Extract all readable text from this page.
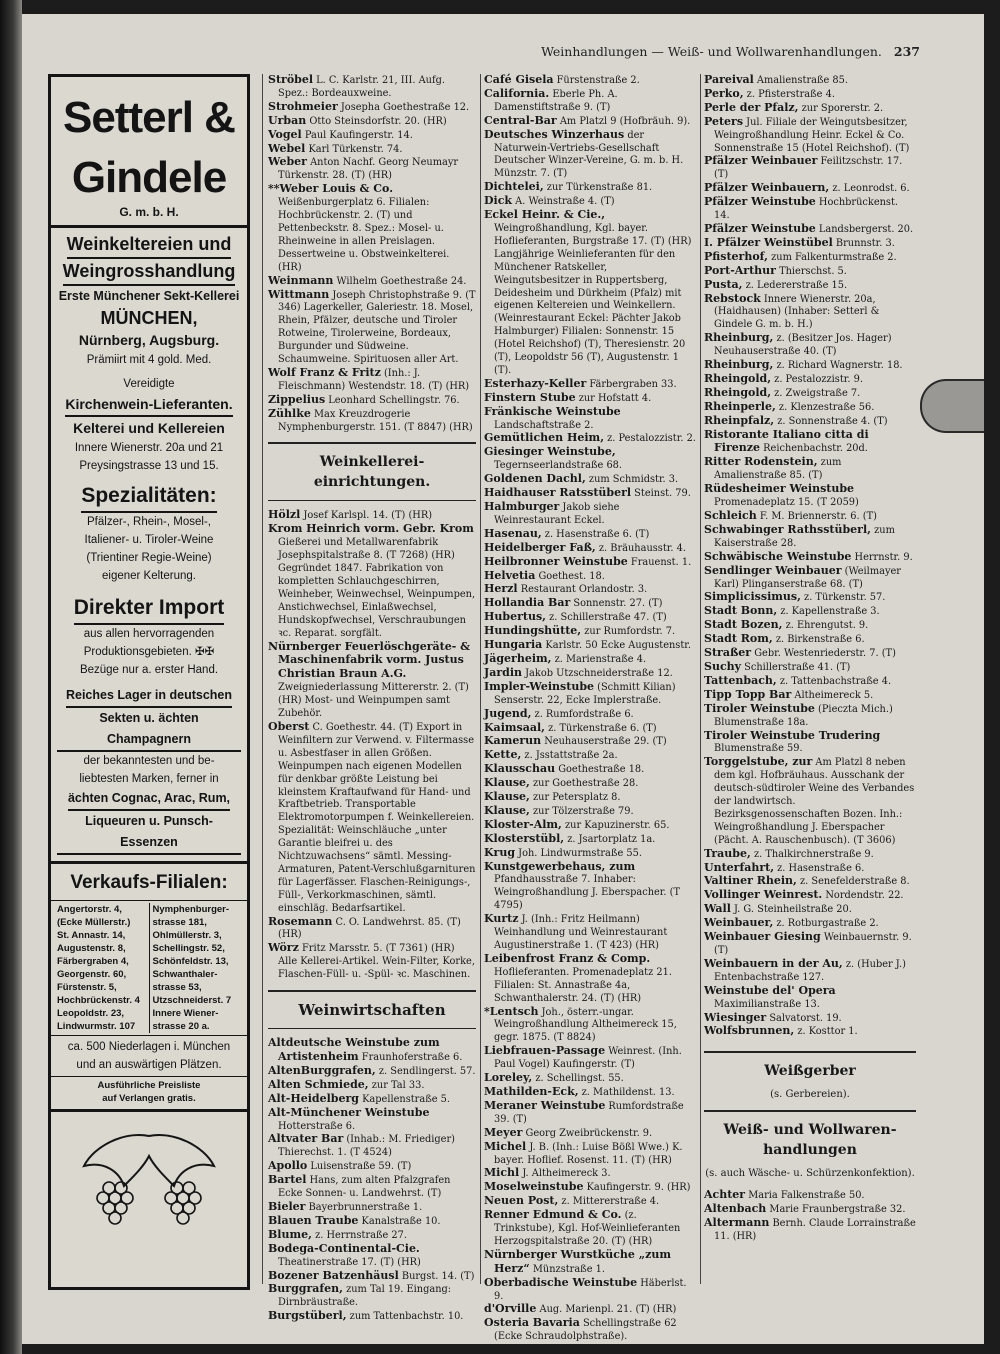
Weinhandlungen — Weiß- und Wollwarenhandlungen. 237
Setterl &
Gindele
G. m. b. H.
Weinkeltereien und Weingrosshandlung
Erste Münchener Sekt-Kellerei
MÜNCHEN,
Nürnberg, Augsburg.
Prämiirt mit 4 gold. Med.
Vereidigte
Kirchenwein-Lieferanten.
Kelterei und Kellereien
Innere Wienerstr. 20a und 21
Preysingstrasse 13 und 15.
Spezialitäten:
Pfälzer-, Rhein-, Mosel-,
Italiener- u. Tiroler-Weine
(Trientiner Regie-Weine)
eigener Kelterung.
Direkter Import
aus allen hervorragenden
Produktionsgebieten. ✠✠
Bezüge nur a. erster Hand.
Reiches Lager in deutschen Sekten u. ächten Champagnern
der bekanntesten und be-
liebtesten Marken, ferner in
ächten Cognac, Arac, Rum, Liqueuren u. Punsch-Essenzen
Verkaufs-Filialen:
Angertorstr. 4,
(Ecke Müllerstr.)
St. Annastr. 14,
Augustenstr. 8,
Färbergraben 4,
Georgenstr. 60,
Fürstenstr. 5,
Hochbrückenstr. 4
Leopoldstr. 23,
Lindwurmstr. 107
Nymphenburger-
strasse 181,
Ohlmüllerstr. 3,
Schellingstr. 52,
Schönfeldstr. 13,
Schwanthaler-
strasse 53,
Utzschneiderst. 7
Innere Wiener-
strasse 20 a.
ca. 500 Niederlagen i. München
und an auswärtigen Plätzen.
Ausführliche Preisliste
auf Verlangen gratis.

Ströbel L. C. Karlstr. 21, III. Aufg. Spez.: Bordeauxweine.

Strohmeier Josepha Goethestraße 12.

Urban Otto Steinsdorfstr. 20. (HR)

Vogel Paul Kaufingerstr. 14.

Webel Karl Türkenstr. 74.

Weber Anton Nachf. Georg Neumayr Türkenstr. 28. (T) (HR)

**Weber Louis & Co. Weißenburgerplatz 6. Filialen: Hochbrückenstr. 2. (T) und Pettenbeckstr. 8. Spez.: Mosel- u. Rheinweine in allen Preislagen. Dessertweine u. Obstweinkelterei. (HR)

Weinmann Wilhelm Goethestraße 24.

Wittmann Joseph Christophstraße 9. (T 346) Lagerkeller, Galeriestr. 18. Mosel, Rhein, Pfälzer, deutsche und Tiroler Rotweine, Tirolerweine, Bordeaux, Burgunder und Südweine. Schaumweine. Spirituosen aller Art.

Wolf Franz & Fritz (Inh.: J. Fleischmann) Westendstr. 18. (T) (HR)

Zippelius Leonhard Schellingstr. 76.

Zühlke Max Kreuzdrogerie Nymphenburgerstr. 151. (T 8847) (HR)

Weinkellerei-
einrichtungen.

Hölzl Josef Karlspl. 14. (T) (HR)

Krom Heinrich vorm. Gebr. Krom Gießerei und Metallwarenfabrik Josephspitalstraße 8. (T 7268) (HR) Gegründet 1847. Fabrikation von kompletten Schlauchgeschirren, Weinheber, Weinwechsel, Weinpumpen, Anstichwechsel, Einlaßwechsel, Hundskopfwechsel, Verschraubungen ꝛc. Reparat. sorgfält.

Nürnberger Feuerlöschgeräte- & Maschinenfabrik vorm. Justus Christian Braun A.G. Zweigniederlassung Mittererstr. 2. (T) (HR) Most- und Weinpumpen samt Zubehör.

Oberst C. Goethestr. 44. (T) Export in Weinfiltern zur Verwend. v. Filtermasse u. Asbestfaser in allen Größen. Weinpumpen nach eigenen Modellen für denkbar größte Leistung bei kleinstem Kraftaufwand für Hand- und Kraftbetrieb. Transportable Elektromotorpumpen f. Weinkellereien. Spezialität: Weinschläuche „unter Garantie bleifrei u. des Nichtzuwachsens“ sämtl. Messing-Armaturen, Patent-Verschlußgarnituren für Lagerfässer. Flaschen-Reinigungs-, Füll-, Verkorkmaschinen, sämtl. einschläg. Bedarfsartikel.

Rosemann C. O. Landwehrst. 85. (T) (HR)

Wörz Fritz Marsstr. 5. (T 7361) (HR) Alle Kellerei-Artikel. Wein-Filter, Korke, Flaschen-Füll- u. -Spül- ꝛc. Maschinen.

Weinwirtschaften

Altdeutsche Weinstube zum Artistenheim Fraunhoferstraße 6.

AltenBurggrafen, z. Sendlingerst. 57.

Alten Schmiede, zur Tal 33.

Alt-Heidelberg Kapellenstraße 5.

Alt-Münchener Weinstube Hotterstraße 6.

Altvater Bar (Inhab.: M. Friediger) Thierechst. 1. (T 4524)

Apollo Luisenstraße 59. (T)

Bartel Hans, zum alten Pfalzgrafen Ecke Sonnen- u. Landwehrst. (T)

Bieler Bayerbrunnerstraße 1.

Blauen Traube Kanalstraße 10.

Blume, z. Herrnstraße 27.

Bodega-Continental-Cie. Theatinerstraße 17. (T) (HR)

Bozener Batzenhäusl Burgst. 14. (T)

Burggrafen, zum Tal 19. Eingang: Dirnbräustraße.

Burgstüberl, zum Tattenbachstr. 10.

Café Gisela Fürstenstraße 2.

California. Eberle Ph. A. Damenstiftstraße 9. (T)

Central-Bar Am Platzl 9 (Hofbräuh. 9).

Deutsches Winzerhaus der Naturwein-Vertriebs-Gesellschaft Deutscher Winzer-Vereine, G. m. b. H. Münzstr. 7. (T)

Dichtelei, zur Türkenstraße 81.

Dick A. Weinstraße 4. (T)

Eckel Heinr. & Cie., Weingroßhandlung, Kgl. bayer. Hoflieferanten, Burgstraße 17. (T) (HR) Langjährige Weinlieferanten für den Münchener Ratskeller, Weingutsbesitzer in Ruppertsberg, Deidesheim und Dürkheim (Pfalz) mit eigenen Keltereien und Weinkellern. (Weinrestaurant Eckel: Pächter Jakob Halmburger) Filialen: Sonnenstr. 15 (Hotel Reichshof) (T), Theresienstr. 20 (T), Leopoldstr 56 (T), Augustenstr. 1 (T).

Esterhazy-Keller Färbergraben 33.

Finstern Stube zur Hofstatt 4.

Fränkische Weinstube Landschaftstraße 2.

Gemütlichen Heim, z. Pestalozzistr. 2.

Giesinger Weinstube, Tegernseerlandstraße 68.

Goldenen Dachl, zum Schmidstr. 3.

Haidhauser Ratsstüberl Steinst. 79.

Halmburger Jakob siehe Weinrestaurant Eckel.

Hasenau, z. Hasenstraße 6. (T)

Heidelberger Faß, z. Bräuhausstr. 4.

Heilbronner Weinstube Frauenst. 1.

Helvetia Goethest. 18.

Herzl Restaurant Orlandostr. 3.

Hollandia Bar Sonnenstr. 27. (T)

Hubertus, z. Schillerstraße 47. (T)

Hundingshütte, zur Rumfordstr. 7.

Hungaria Karlstr. 50 Ecke Augustenstr.

Jägerheim, z. Marienstraße 4.

Jardin Jakob Utzschneiderstraße 12.

Impler-Weinstube (Schmitt Kilian) Senserstr. 22, Ecke Implerstraße.

Jugend, z. Rumfordstraße 6.

Kaimsaal, z. Türkenstraße 6. (T)

Kamerun Neuhauserstraße 29. (T)

Kette, z. Jsstattstraße 2a.

Klausschau Goethestraße 18.

Klause, zur Goethestraße 28.

Klause, zur Petersplatz 8.

Klause, zur Tölzerstraße 79.

Kloster-Alm, zur Kapuzinerstr. 65.

Klosterstübl, z. Jsartorplatz 1a.

Krug Joh. Lindwurmstraße 55.

Kunstgewerbehaus, zum Pfandhausstraße 7. Inhaber: Weingroßhandlung J. Eberspacher. (T 4795)

Kurtz J. (Inh.: Fritz Heilmann) Weinhandlung und Weinrestaurant Augustinerstraße 1. (T 423) (HR)

Leibenfrost Franz & Comp. Hoflieferanten. Promenadeplatz 21. Filialen: St. Annastraße 4a, Schwanthalerstr. 24. (T) (HR)

*Lentsch Joh., österr.-ungar. Weingroßhandlung Altheimereck 15, gegr. 1875. (T 8824)

Liebfrauen-Passage Weinrest. (Inh. Paul Vogel) Kaufingerstr. (T)

Loreley, z. Schellingst. 55.

Mathilden-Eck, z. Mathildenst. 13.

Meraner Weinstube Rumfordstraße 39. (T)

Meyer Georg Zweibrückenstr. 9.

Michel J. B. (Inh.: Luise Bößl Wwe.) K. bayer. Hoflief. Rosenst. 11. (T) (HR)

Michl J. Altheimereck 3.

Moselweinstube Kaufingerstr. 9. (HR)

Neuen Post, z. Mittererstraße 4.

Renner Edmund & Co. (z. Trinkstube), Kgl. Hof-Weinlieferanten Herzogspitalstraße 20. (T) (HR)

Nürnberger Wurstküche „zum Herz“ Münzstraße 1.

Oberbadische Weinstube Häberlst. 9.

d'Orville Aug. Marienpl. 21. (T) (HR)

Osteria Bavaria Schellingstraße 62 (Ecke Schraudolphstraße).

Pareival Amalienstraße 85.

Perko, z. Pfisterstraße 4.

Perle der Pfalz, zur Sporerstr. 2.

Peters Jul. Filiale der Weingutsbesitzer, Weingroßhandlung Heinr. Eckel & Co. Sonnenstraße 15 (Hotel Reichshof). (T)

Pfälzer Weinbauer Feilitzschstr. 17. (T)

Pfälzer Weinbauern, z. Leonrodst. 6.

Pfälzer Weinstube Hochbrückenst. 14.

Pfälzer Weinstube Landsbergerst. 20.

I. Pfälzer Weinstübel Brunnstr. 3.

Pfisterhof, zum Falkenturmstraße 2.

Port-Arthur Thierschst. 5.

Pusta, z. Ledererstraße 15.

Rebstock Innere Wienerstr. 20a, (Haidhausen) (Inhaber: Setterl & Gindele G. m. b. H.)

Rheinburg, z. (Besitzer Jos. Hager) Neuhauserstraße 40. (T)

Rheinburg, z. Richard Wagnerstr. 18.

Rheingold, z. Pestalozzistr. 9.

Rheingold, z. Zweigstraße 7.

Rheinperle, z. Klenzestraße 56.

Rheinpfalz, z. Sonnenstraße 4. (T)

Ristorante Italiano citta di Firenze Reichenbachstr. 20d.

Ritter Rodenstein, zum Amalienstraße 85. (T)

Rüdesheimer Weinstube Promenadeplatz 15. (T 2059)

Schleich F. M. Briennerstr. 6. (T)

Schwabinger Rathsstüberl, zum Kaiserstraße 28.

Schwäbische Weinstube Herrnstr. 9.

Sendlinger Weinbauer (Weilmayer Karl) Plinganserstraße 68. (T)

Simplicissimus, z. Türkenstr. 57.

Stadt Bonn, z. Kapellenstraße 3.

Stadt Bozen, z. Ehrengutst. 9.

Stadt Rom, z. Birkenstraße 6.

Straßer Gebr. Westenriederstr. 7. (T)

Suchy Schillerstraße 41. (T)

Tattenbach, z. Tattenbachstraße 4.

Tipp Topp Bar Altheimereck 5.

Tiroler Weinstube (Pieczta Mich.) Blumenstraße 18a.

Tiroler Weinstube Trudering Blumenstraße 59.

Torggelstube, zur Am Platzl 8 neben dem kgl. Hofbräuhaus. Ausschank der deutsch-südtiroler Weine des Verbandes der landwirtsch. Bezirksgenossenschaften Bozen. Inh.: Weingroßhandlung J. Eberspacher (Pächt. A. Rauschenbusch). (T 3606)

Traube, z. Thalkirchnerstraße 9.

Unterfahrt, z. Hasenstraße 6.

Valtiner Rhein, z. Senefelderstraße 8.

Vollinger Weinrest. Nordendstr. 22.

Wall J. G. Steinheilstraße 20.

Weinbauer, z. Rotburgastraße 2.

Weinbauer Giesing Weinbauernstr. 9. (T)

Weinbauern in der Au, z. (Huber J.) Entenbachstraße 127.

Weinstube del' Opera Maximilianstraße 13.

Wiesinger Salvatorst. 19.

Wolfsbrunnen, z. Kosttor 1.

Weißgerber
(s. Gerbereien).
Weiß- und Wollwaren-
handlungen
(s. auch Wäsche- u. Schürzenkonfektion).

Achter Maria Falkenstraße 50.

Altenbach Marie Fraunbergstraße 32.

Altermann Bernh. Claude Lorrainstraße 11. (HR)
